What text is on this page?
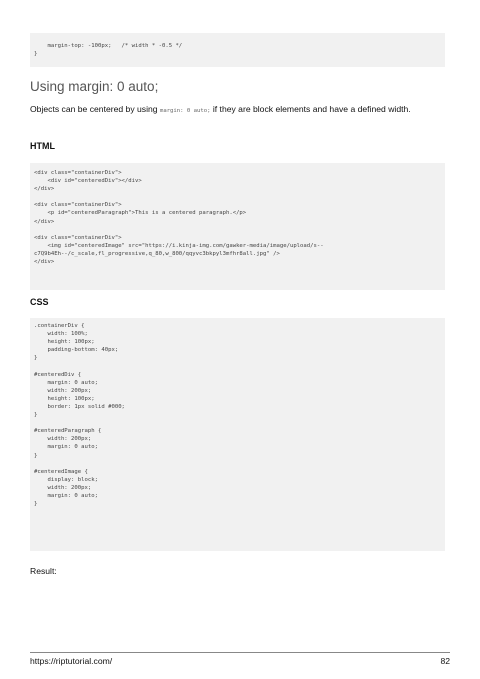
margin-top: -100px;   /* width * -0.5 */
}
Using margin: 0 auto;

Objects can be centered by using margin: 0 auto; if they are block elements and have a defined width.

HTML
<div class="containerDiv">
<div id="centeredDiv"></div>
</div>

<div class="containerDiv">
<p id="centeredParagraph">This is a centered paragraph.</p>
</div>

<div class="containerDiv">
<img id="centeredImage" src="https://i.kinja-img.com/gawker-media/image/upload/s--
c7Q9b4Eh--/c_scale,fl_progressive,q_80,w_800/qqyvc3bkpyl3mfhr8all.jpg" />
</div>
CSS
.containerDiv {
width: 100%;
height: 100px;
padding-bottom: 40px;
}

#centeredDiv {
margin: 0 auto;
width: 200px;
height: 100px;
border: 1px solid #000;
}

#centeredParagraph {
width: 200px;
margin: 0 auto;
}

#centeredImage {
display: block;
width: 200px;
margin: 0 auto;
}

Result:

https://riptutorial.com/	82
